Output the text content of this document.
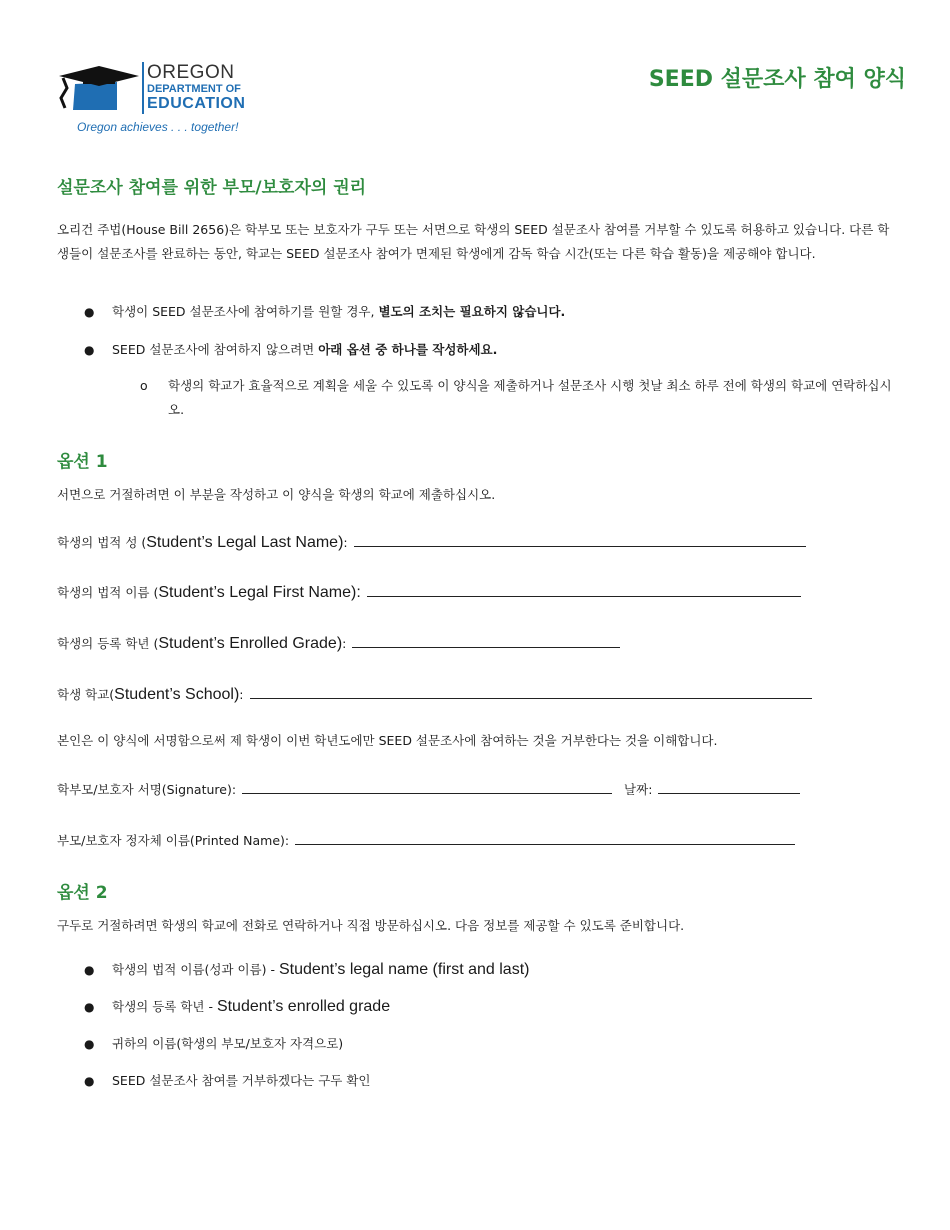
OREGON
DEPARTMENT OF
EDUCATION
Oregon achieves . . . together!
SEED 설문조사 참여 양식
설문조사 참여를 위한 부모/보호자의 권리

오리건 주법(House Bill 2656)은 학부모 또는 보호자가 구두 또는 서면으로 학생의 SEED 설문조사 참여를 거부할 수 있도록 허용하고 있습니다. 다른 학생들이 설문조사를 완료하는 동안, 학교는 SEED 설문조사 참여가 면제된 학생에게 감독 학습 시간(또는 다른 학습 활동)을 제공해야 합니다.

● 학생이 SEED 설문조사에 참여하기를 원할 경우, 별도의 조치는 필요하지 않습니다.
● SEED 설문조사에 참여하지 않으려면 아래 옵션 중 하나를 작성하세요.
o 학생의 학교가 효율적으로 계획을 세울 수 있도록 이 양식을 제출하거나 설문조사 시행 첫날 최소 하루 전에 학생의 학교에 연락하십시오.
옵션 1

서면으로 거절하려면 이 부분을 작성하고 이 양식을 학생의 학교에 제출하십시오.

학생의 법적 성 (Student’s Legal Last Name):
학생의 법적 이름 (Student’s Legal First Name):
학생의 등록 학년 (Student’s Enrolled Grade):
학생 학교(Student’s School):

본인은 이 양식에 서명함으로써 제 학생이 이번 학년도에만 SEED 설문조사에 참여하는 것을 거부한다는 것을 이해합니다.

학부모/보호자 서명(Signature):	날짜:
부모/보호자 정자체 이름(Printed Name):
옵션 2

구두로 거절하려면 학생의 학교에 전화로 연락하거나 직접 방문하십시오. 다음 정보를 제공할 수 있도록 준비합니다.

● 학생의 법적 이름(성과 이름) - Student’s legal name (first and last)
● 학생의 등록 학년 - Student’s enrolled grade
● 귀하의 이름(학생의 부모/보호자 자격으로)
● SEED 설문조사 참여를 거부하겠다는 구두 확인
